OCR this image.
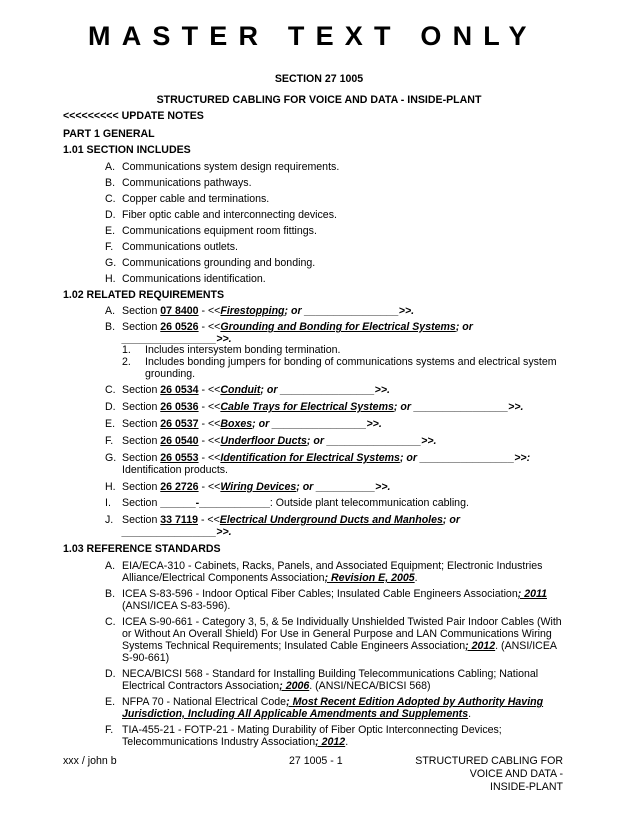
MASTER TEXT ONLY
SECTION 27 1005
STRUCTURED CABLING FOR VOICE AND DATA - INSIDE-PLANT
<<<<<<<<< UPDATE NOTES
PART 1 GENERAL
1.01 SECTION INCLUDES
A. Communications system design requirements.
B. Communications pathways.
C. Copper cable and terminations.
D. Fiber optic cable and interconnecting devices.
E. Communications equipment room fittings.
F. Communications outlets.
G. Communications grounding and bonding.
H. Communications identification.
1.02 RELATED REQUIREMENTS
A. Section 07 8400 - <<Firestopping; or ________________>>.
B. Section 26 0526 - <<Grounding and Bonding for Electrical Systems; or
________________>>.
1. Includes intersystem bonding termination.
2. Includes bonding jumpers for bonding of communications systems and electrical system
grounding.
C. Section 26 0534 - <<Conduit; or ________________>>.
D. Section 26 0536 - <<Cable Trays for Electrical Systems; or ________________>>.
E. Section 26 0537 - <<Boxes; or ________________>>.
F. Section 26 0540 - <<Underfloor Ducts; or ________________>>.
G. Section 26 0553 - <<Identification for Electrical Systems; or ________________>>:
Identification products.
H. Section 26 2726 - <<Wiring Devices; or __________>>.
I. Section ______-____________: Outside plant telecommunication cabling.
J. Section 33 7119 - <<Electrical Underground Ducts and Manholes; or
________________>>.
1.03 REFERENCE STANDARDS
A. EIA/ECA-310 - Cabinets, Racks, Panels, and Associated Equipment; Electronic Industries
Alliance/Electrical Components Association; Revision E, 2005.
B. ICEA S-83-596 - Indoor Optical Fiber Cables; Insulated Cable Engineers Association; 2011
(ANSI/ICEA S-83-596).
C. ICEA S-90-661 - Category 3, 5, & 5e Individually Unshielded Twisted Pair Indoor Cables (With
or Without An Overall Shield) For Use in General Purpose and LAN Communications Wiring
Systems Technical Requirements; Insulated Cable Engineers Association; 2012. (ANSI/ICEA
S-90-661)
D. NECA/BICSI 568 - Standard for Installing Building Telecommunications Cabling; National
Electrical Contractors Association; 2006. (ANSI/NECA/BICSI 568)
E. NFPA 70 - National Electrical Code; Most Recent Edition Adopted by Authority Having
Jurisdiction, Including All Applicable Amendments and Supplements.
F. TIA-455-21 - FOTP-21 - Mating Durability of Fiber Optic Interconnecting Devices;
Telecommunications Industry Association; 2012.
xxx / john b	27 1005 - 1	STRUCTURED CABLING FOR
VOICE AND DATA -
INSIDE-PLANT
